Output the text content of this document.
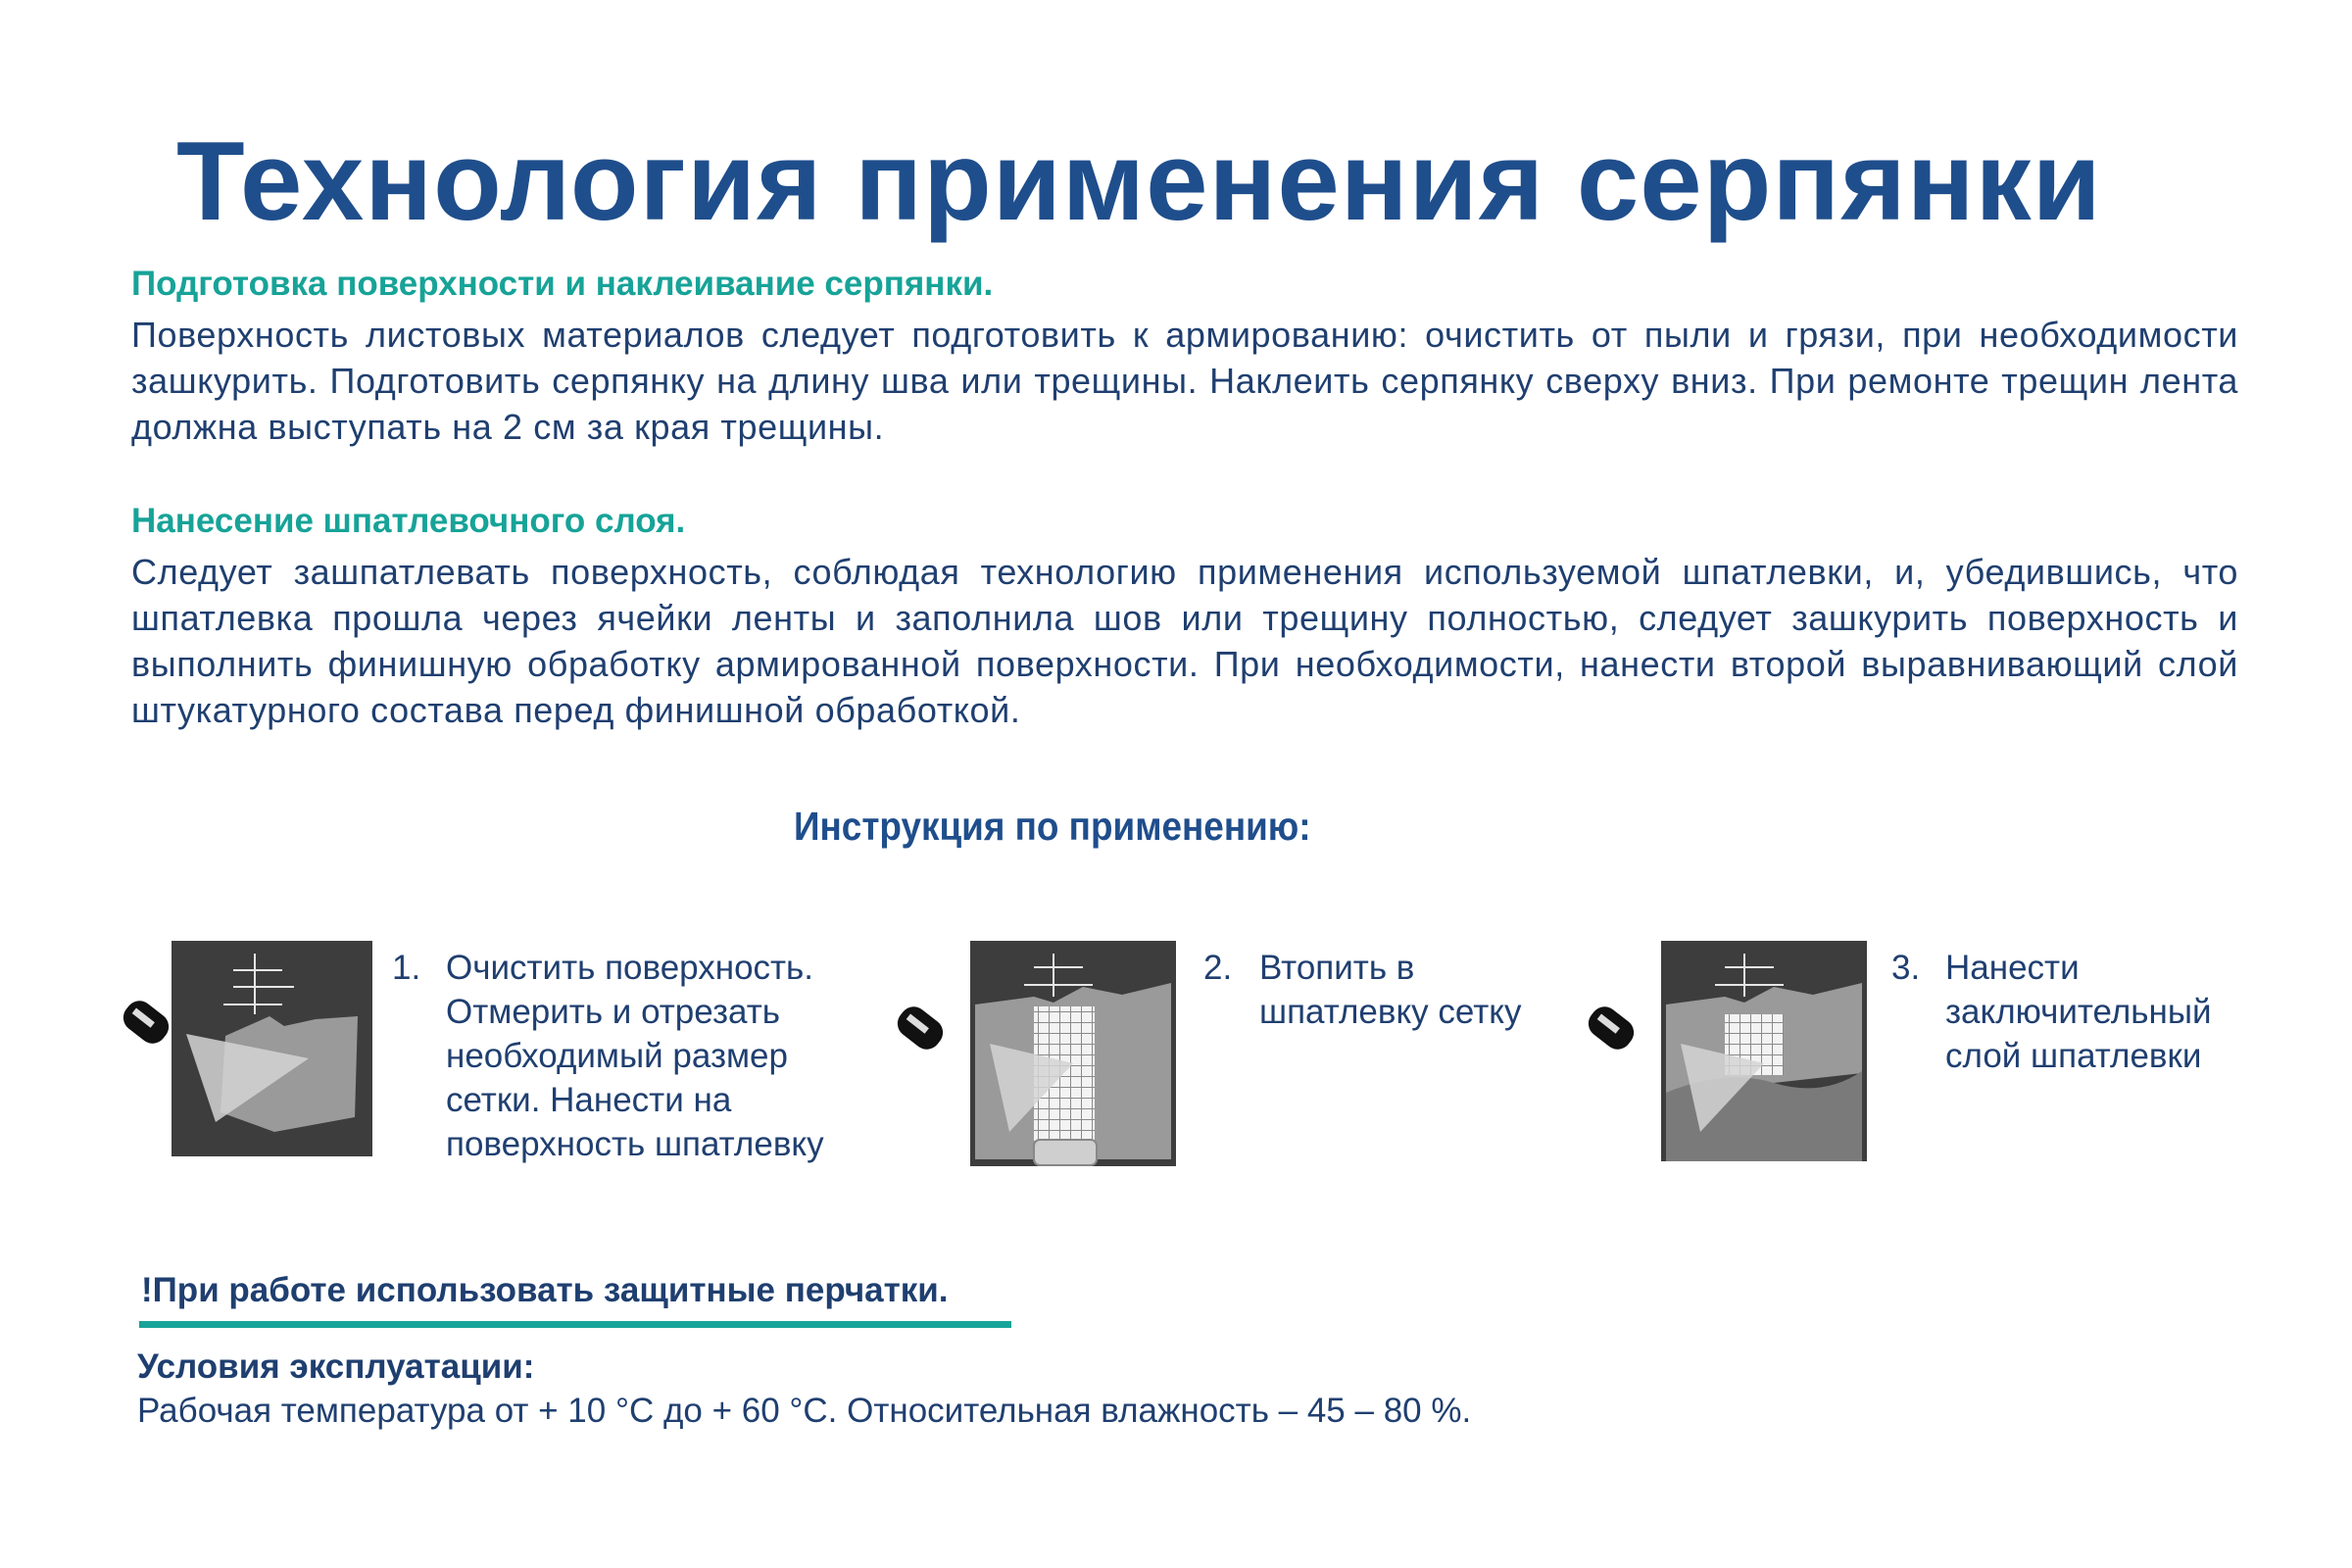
Технология применения серпянки
Подготовка поверхности и наклеивание серпянки.

Поверхность листовых материалов следует подготовить к армированию: очистить от пыли и грязи, при необходимости зашкурить. Подготовить серпянку на длину шва или трещины. Наклеить серпянку сверху вниз. При ремонте трещин лента должна выступать на 2 см за края трещины.

Нанесение шпатлевочного слоя.

Следует зашпатлевать поверхность, соблюдая технологию применения используемой шпатлевки, и, убедившись, что шпатлевка прошла через ячейки ленты и заполнила шов или трещину полностью, следует зашкурить поверхность и выполнить финишную обработку армированной поверхности. При необходимости, нанести второй выравнивающий слой штукатурного состава перед финишной обработкой.

Инструкция по применению:
1. Очистить поверхность. Отмерить и отрезать необходимый размер сетки. Нанести на поверхность шпатлевку
2. Втопить в шпатлевку сетку
3. Нанести заключительный слой шпатлевки

!При работе использовать защитные перчатки.

Условия эксплуатации:

Рабочая температура от + 10 °С до + 60 °С. Относительная влажность – 45 – 80 %.
